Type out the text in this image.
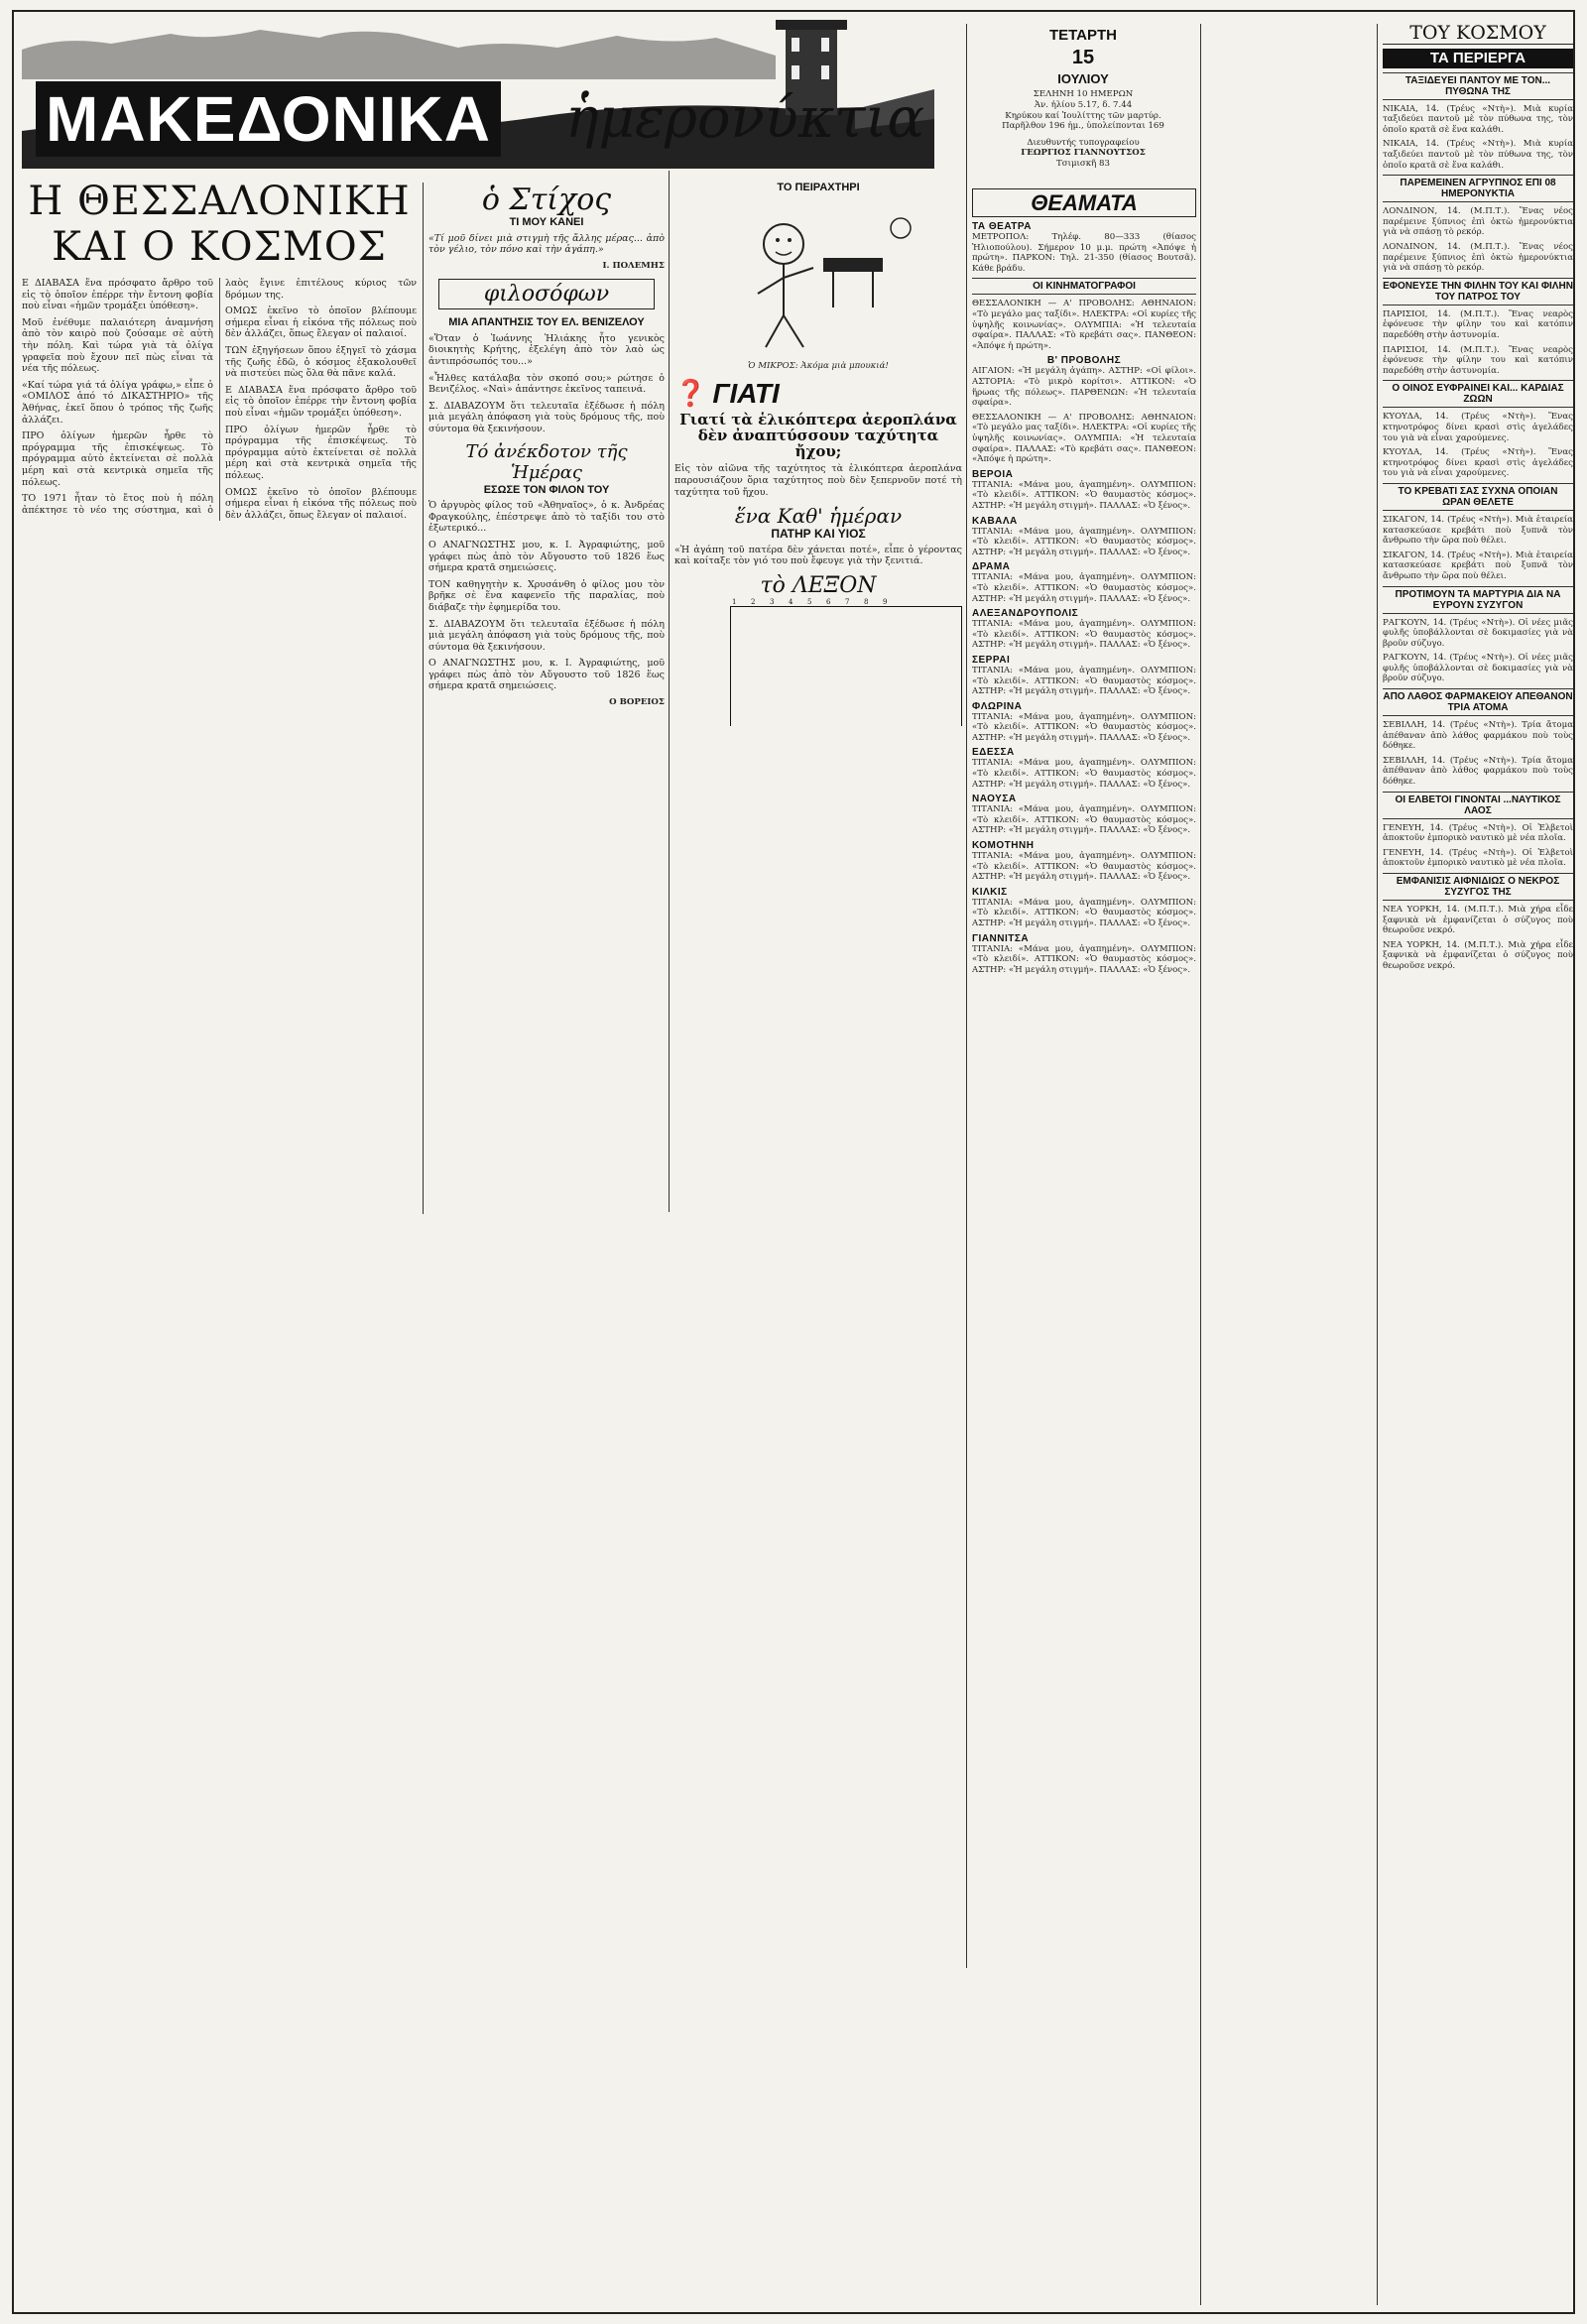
ΜΑΚΕΔΟΝΙΚΑ ἡμερονύκτια
ΤΕΤΑΡΤΗ
15
ΙΟΥΛΙΟΥ
ΣΕΛΗΝΗ 10 ΗΜΕΡΩΝ
Ἀν. ἡλίου 5.17, δ. 7.44
Κηρύκου καί Ἰουλίττης τῶν μαρτύρ.
Παρῆλθον 196 ἡμ., ὑπολείπονται 169
Διευθυντής τυπογραφείου
ΓΕΩΡΓΙΟΣ ΓΙΑΝΝΟΥΤΣΟΣ
Τσιμισκῆ 83
Η ΘΕΣΣΑΛΟΝΙΚΗ
ΚΑΙ Ο ΚΟΣΜΟΣ

Ε ΔΙΑΒΑΣΑ ἕνα πρόσφατο ἄρθρο τοῦ εἰς τὸ ὁποῖον ἐπέρρε τὴν ἔντονη φοβία ποὺ εἶναι «ἡμῶν τρομάξει ὑπόθεση».

Μοῦ ἐνέθυμε παλαιότερη ἀναμνήση ἀπὸ τὸν καιρὸ ποὺ ζούσαμε σὲ αὐτὴ τὴν πόλη. Καὶ τώρα γιὰ τὰ ὀλίγα γραφεῖα ποὺ ἔχουν πεῖ πὼς εἶναι τὰ νέα τῆς πόλεως.

«Καί τώρα γιά τά ὀλίγα γράφω,» εἶπε ὁ «ΟΜΙΛΟΣ ἀπό τό ΔΙΚΑΣΤΗΡΙΟ» τῆς Ἀθήνας, ἐκεῖ ὅπου ὁ τρόπος τῆς ζωῆς ἀλλάζει.

ΠΡΟ ὀλίγων ἡμερῶν ἦρθε τὸ πρόγραμμα τῆς ἐπισκέψεως. Τὸ πρόγραμμα αὐτὸ ἐκτείνεται σὲ πολλὰ μέρη καὶ στὰ κεντρικὰ σημεῖα τῆς πόλεως.

ΤΟ 1971 ἦταν τὸ ἔτος ποὺ ἡ πόλη ἀπέκτησε τὸ νέο της σύστημα, καὶ ὁ λαὸς ἔγινε ἐπιτέλους κύριος τῶν δρόμων της.

ΟΜΩΣ ἐκεῖνο τὸ ὁποῖον βλέπουμε σήμερα εἶναι ἡ εἰκόνα τῆς πόλεως ποὺ δὲν ἀλλάζει, ὅπως ἔλεγαν οἱ παλαιοί.

ΤΩΝ ἐξηγήσεων ὅπου ἐξηγεῖ τὸ χάσμα τῆς ζωῆς ἐδῶ, ὁ κόσμος ἐξακολουθεῖ νὰ πιστεύει πὼς ὅλα θὰ πᾶνε καλά.

Ε ΔΙΑΒΑΣΑ ἕνα πρόσφατο ἄρθρο τοῦ εἰς τὸ ὁποῖον ἐπέρρε τὴν ἔντονη φοβία ποὺ εἶναι «ἡμῶν τρομάξει ὑπόθεση».

ΠΡΟ ὀλίγων ἡμερῶν ἦρθε τὸ πρόγραμμα τῆς ἐπισκέψεως. Τὸ πρόγραμμα αὐτὸ ἐκτείνεται σὲ πολλὰ μέρη καὶ στὰ κεντρικὰ σημεῖα τῆς πόλεως.

ΟΜΩΣ ἐκεῖνο τὸ ὁποῖον βλέπουμε σήμερα εἶναι ἡ εἰκόνα τῆς πόλεως ποὺ δὲν ἀλλάζει, ὅπως ἔλεγαν οἱ παλαιοί.

ὁ Στίχος
ΤΙ ΜΟΥ ΚΑΝΕΙ

«Τί μοῦ δίνει μιὰ στιγμὴ τῆς ἄλλης μέρας... ἀπὸ τὸν γέλιο, τὸν πόνο καὶ τὴν ἀγάπη.»

Ι. ΠΟΛΕΜΗΣ
φιλοσόφων
ΜΙΑ ΑΠΑΝΤΗΣΙΣ ΤΟΥ ΕΛ. ΒΕΝΙΖΕΛΟΥ

«Ὅταν ὁ Ἰωάννης Ἠλιάκης ἦτο γενικὸς διοικητὴς Κρήτης, ἐξελέγη ἀπὸ τὸν λαὸ ὡς ἀντιπρόσωπός του...»

«Ἦλθες κατάλαβα τὸν σκοπό σου;» ρώτησε ὁ Βενιζέλος. «Ναὶ» ἀπάντησε ἐκεῖνος ταπεινά.

Σ. ΔΙΑΒΑΖΟΥΜ ὅτι τελευταῖα ἐξέδωσε ἡ πόλη μιὰ μεγάλη ἀπόφαση γιὰ τοὺς δρόμους τῆς, ποὺ σύντομα θὰ ξεκινήσουν.

Τό ἀνέκδοτον τῆς Ἡμέρας
ΕΣΩΣΕ ΤΟΝ ΦΙΛΟΝ ΤΟΥ

Ὁ ἀργυρὸς φίλος τοῦ «Ἀθηναῖος», ὁ κ. Ἀνδρέας Φραγκούλης, ἐπέστρεψε ἀπὸ τὸ ταξίδι του στὸ ἐξωτερικό...

Ο ΑΝΑΓΝΩΣΤΗΣ μου, κ. Ι. Ἀγραφιώτης, μοῦ γράφει πὼς ἀπὸ τὸν Αὔγουστο τοῦ 1826 ἕως σήμερα κρατᾶ σημειώσεις.

ΤΟΝ καθηγητὴν κ. Χρυσάνθη ὁ φίλος μου τὸν βρῆκε σὲ ἕνα καφενεῖο τῆς παραλίας, ποὺ διάβαζε τὴν ἐφημερίδα του.

Σ. ΔΙΑΒΑΖΟΥΜ ὅτι τελευταῖα ἐξέδωσε ἡ πόλη μιὰ μεγάλη ἀπόφαση γιὰ τοὺς δρόμους τῆς, ποὺ σύντομα θὰ ξεκινήσουν.

Ο ΑΝΑΓΝΩΣΤΗΣ μου, κ. Ι. Ἀγραφιώτης, μοῦ γράφει πὼς ἀπὸ τὸν Αὔγουστο τοῦ 1826 ἕως σήμερα κρατᾶ σημειώσεις.

Ο ΒΟΡΕΙΟΣ
ΤΟ ΠΕΙΡΑΧΤΗΡΙ
Ὁ ΜΙΚΡΟΣ: Ἀκόμα μιὰ μπουκιά!
❓ ΓΙΑΤΙ
Γιατί τὰ ἑλικόπτερα ἀεροπλάνα δὲν ἀναπτύσσουν ταχύτητα ἤχου;

Εἰς τὸν αἰῶνα τῆς ταχύτητος τὰ ἑλικόπτερα ἀεροπλάνα παρουσιάζουν ὅρια ταχύτητος ποὺ δὲν ξεπερνοῦν ποτέ τὴ ταχύτητα τοῦ ἤχου.

ἕνα Καθ' ἡμέραν
ΠΑΤΗΡ ΚΑΙ ΥΙΟΣ

«Ἡ ἀγάπη τοῦ πατέρα δὲν χάνεται ποτέ», εἶπε ὁ γέροντας καὶ κοίταξε τὸν γιό του ποὺ ἔφευγε γιὰ τὴν ξενιτιά.

τὸ ΛΕΞΟΝ
1	2	3	4	5	6	7	8	9

ΘΕΑΜΑΤΑ
ΤΑ ΘΕΑΤΡΑ

ΜΕΤΡΟΠΟΛ: Τηλέφ. 80—333 (θίασος Ἠλιοπούλου). Σήμερον 10 μ.μ. πρώτη «Ἀπόψε ἡ πρώτη». ΠΑΡΚΟΝ: Τηλ. 21-350 (θίασος Βουτσᾶ). Κάθε βράδυ.

ΟΙ ΚΙΝΗΜΑΤΟΓΡΑΦΟΙ

ΘΕΣΣΑΛΟΝΙΚΗ — Α' ΠΡΟΒΟΛΗΣ: ΑΘΗΝΑΙΟΝ: «Τὸ μεγάλο μας ταξίδι». ΗΛΕΚΤΡΑ: «Οἱ κυρίες τῆς ὑψηλῆς κοινωνίας». ΟΛΥΜΠΙΑ: «Ἡ τελευταία σφαίρα». ΠΑΛΛΑΣ: «Τὸ κρεβάτι σας». ΠΑΝΘΕΟΝ: «Ἀπόψε ἡ πρώτη».

Β' ΠΡΟΒΟΛΗΣ

ΑΙΓΑΙΟΝ: «Ἡ μεγάλη ἀγάπη». ΑΣΤΗΡ: «Οἱ φίλοι». ΑΣΤΟΡΙΑ: «Τὸ μικρὸ κορίτσι». ΑΤΤΙΚΟΝ: «Ὁ ἥρωας τῆς πόλεως». ΠΑΡΘΕΝΩΝ: «Ἡ τελευταία σφαίρα».

ΘΕΣΣΑΛΟΝΙΚΗ — Α' ΠΡΟΒΟΛΗΣ: ΑΘΗΝΑΙΟΝ: «Τὸ μεγάλο μας ταξίδι». ΗΛΕΚΤΡΑ: «Οἱ κυρίες τῆς ὑψηλῆς κοινωνίας». ΟΛΥΜΠΙΑ: «Ἡ τελευταία σφαίρα». ΠΑΛΛΑΣ: «Τὸ κρεβάτι σας». ΠΑΝΘΕΟΝ: «Ἀπόψε ἡ πρώτη».

ΒΕΡΟΙΑ

ΤΙΤΑΝΙΑ: «Μάνα μου, ἀγαπημένη». ΟΛΥΜΠΙΟΝ: «Τὸ κλειδί». ΑΤΤΙΚΟΝ: «Ὁ θαυμαστὸς κόσμος». ΑΣΤΗΡ: «Ἡ μεγάλη στιγμή». ΠΑΛΛΑΣ: «Ὁ ξένος».

ΚΑΒΑΛΑ

ΤΙΤΑΝΙΑ: «Μάνα μου, ἀγαπημένη». ΟΛΥΜΠΙΟΝ: «Τὸ κλειδί». ΑΤΤΙΚΟΝ: «Ὁ θαυμαστὸς κόσμος». ΑΣΤΗΡ: «Ἡ μεγάλη στιγμή». ΠΑΛΛΑΣ: «Ὁ ξένος».

ΔΡΑΜΑ

ΤΙΤΑΝΙΑ: «Μάνα μου, ἀγαπημένη». ΟΛΥΜΠΙΟΝ: «Τὸ κλειδί». ΑΤΤΙΚΟΝ: «Ὁ θαυμαστὸς κόσμος». ΑΣΤΗΡ: «Ἡ μεγάλη στιγμή». ΠΑΛΛΑΣ: «Ὁ ξένος».

ΑΛΕΞΑΝΔΡΟΥΠΟΛΙΣ

ΤΙΤΑΝΙΑ: «Μάνα μου, ἀγαπημένη». ΟΛΥΜΠΙΟΝ: «Τὸ κλειδί». ΑΤΤΙΚΟΝ: «Ὁ θαυμαστὸς κόσμος». ΑΣΤΗΡ: «Ἡ μεγάλη στιγμή». ΠΑΛΛΑΣ: «Ὁ ξένος».

ΣΕΡΡΑΙ

ΤΙΤΑΝΙΑ: «Μάνα μου, ἀγαπημένη». ΟΛΥΜΠΙΟΝ: «Τὸ κλειδί». ΑΤΤΙΚΟΝ: «Ὁ θαυμαστὸς κόσμος». ΑΣΤΗΡ: «Ἡ μεγάλη στιγμή». ΠΑΛΛΑΣ: «Ὁ ξένος».

ΦΛΩΡΙΝΑ

ΤΙΤΑΝΙΑ: «Μάνα μου, ἀγαπημένη». ΟΛΥΜΠΙΟΝ: «Τὸ κλειδί». ΑΤΤΙΚΟΝ: «Ὁ θαυμαστὸς κόσμος». ΑΣΤΗΡ: «Ἡ μεγάλη στιγμή». ΠΑΛΛΑΣ: «Ὁ ξένος».

ΕΔΕΣΣΑ

ΤΙΤΑΝΙΑ: «Μάνα μου, ἀγαπημένη». ΟΛΥΜΠΙΟΝ: «Τὸ κλειδί». ΑΤΤΙΚΟΝ: «Ὁ θαυμαστὸς κόσμος». ΑΣΤΗΡ: «Ἡ μεγάλη στιγμή». ΠΑΛΛΑΣ: «Ὁ ξένος».

ΝΑΟΥΣΑ

ΤΙΤΑΝΙΑ: «Μάνα μου, ἀγαπημένη». ΟΛΥΜΠΙΟΝ: «Τὸ κλειδί». ΑΤΤΙΚΟΝ: «Ὁ θαυμαστὸς κόσμος». ΑΣΤΗΡ: «Ἡ μεγάλη στιγμή». ΠΑΛΛΑΣ: «Ὁ ξένος».

ΚΟΜΟΤΗΝΗ

ΤΙΤΑΝΙΑ: «Μάνα μου, ἀγαπημένη». ΟΛΥΜΠΙΟΝ: «Τὸ κλειδί». ΑΤΤΙΚΟΝ: «Ὁ θαυμαστὸς κόσμος». ΑΣΤΗΡ: «Ἡ μεγάλη στιγμή». ΠΑΛΛΑΣ: «Ὁ ξένος».

ΚΙΛΚΙΣ

ΤΙΤΑΝΙΑ: «Μάνα μου, ἀγαπημένη». ΟΛΥΜΠΙΟΝ: «Τὸ κλειδί». ΑΤΤΙΚΟΝ: «Ὁ θαυμαστὸς κόσμος». ΑΣΤΗΡ: «Ἡ μεγάλη στιγμή». ΠΑΛΛΑΣ: «Ὁ ξένος».

ΓΙΑΝΝΙΤΣΑ

ΤΙΤΑΝΙΑ: «Μάνα μου, ἀγαπημένη». ΟΛΥΜΠΙΟΝ: «Τὸ κλειδί». ΑΤΤΙΚΟΝ: «Ὁ θαυμαστὸς κόσμος». ΑΣΤΗΡ: «Ἡ μεγάλη στιγμή». ΠΑΛΛΑΣ: «Ὁ ξένος».

ΤΟΥ ΚΟΣΜΟΥ
ΤΑ ΠΕΡΙΕΡΓΑ
ΤΑΞΙΔΕΥΕΙ ΠΑΝΤΟΥ ΜΕ ΤΟΝ... ΠΥΘΩΝΑ ΤΗΣ

ΝΙΚΑΙΑ, 14. (Τρέυς «Ντὴ»). Μιὰ κυρία ταξιδεύει παντοῦ μὲ τὸν πύθωνα της, τὸν ὁποῖο κρατᾶ σὲ ἕνα καλάθι.

ΝΙΚΑΙΑ, 14. (Τρέυς «Ντὴ»). Μιὰ κυρία ταξιδεύει παντοῦ μὲ τὸν πύθωνα της, τὸν ὁποῖο κρατᾶ σὲ ἕνα καλάθι.

ΠΑΡΕΜΕΙΝΕΝ ΑΓΡΥΠΝΟΣ ΕΠΙ 08 ΗΜΕΡΟΝΥΚΤΙΑ

ΛΟΝΔΙΝΟΝ, 14. (Μ.Π.Τ.). Ἕνας νέος παρέμεινε ξύπνιος ἐπὶ ὀκτὼ ἡμερονύκτια γιὰ νὰ σπάσῃ τὸ ρεκόρ.

ΛΟΝΔΙΝΟΝ, 14. (Μ.Π.Τ.). Ἕνας νέος παρέμεινε ξύπνιος ἐπὶ ὀκτὼ ἡμερονύκτια γιὰ νὰ σπάσῃ τὸ ρεκόρ.

ΕΦΟΝΕΥΣΕ ΤΗΝ ΦΙΛΗΝ ΤΟΥ ΚΑΙ ΦΙΛΗΝ ΤΟΥ ΠΑΤΡΟΣ ΤΟΥ

ΠΑΡΙΣΙΟΙ, 14. (Μ.Π.Τ.). Ἕνας νεαρὸς ἐφόνευσε τὴν φίλην του καὶ κατόπιν παρεδόθη στὴν ἀστυνομία.

ΠΑΡΙΣΙΟΙ, 14. (Μ.Π.Τ.). Ἕνας νεαρὸς ἐφόνευσε τὴν φίλην του καὶ κατόπιν παρεδόθη στὴν ἀστυνομία.

Ο ΟΙΝΟΣ ΕΥΦΡΑΙΝΕΙ ΚΑΙ... ΚΑΡΔΙΑΣ ΖΩΩΝ

ΚΥΟΥΔΑ, 14. (Τρέυς «Ντὴ»). Ἕνας κτηνοτρόφος δίνει κρασὶ στὶς ἀγελάδες του γιὰ νὰ εἶναι χαρούμενες.

ΚΥΟΥΔΑ, 14. (Τρέυς «Ντὴ»). Ἕνας κτηνοτρόφος δίνει κρασὶ στὶς ἀγελάδες του γιὰ νὰ εἶναι χαρούμενες.

ΤΟ ΚΡΕΒΑΤΙ ΣΑΣ ΣΥΧΝΑ ΟΠΟΙΑΝ ΩΡΑΝ ΘΕΛΕΤΕ

ΣΙΚΑΓΟΝ, 14. (Τρέυς «Ντὴ»). Μιὰ ἑταιρεία κατασκεύασε κρεβάτι ποὺ ξυπνᾶ τὸν ἄνθρωπο τὴν ὥρα ποὺ θέλει.

ΣΙΚΑΓΟΝ, 14. (Τρέυς «Ντὴ»). Μιὰ ἑταιρεία κατασκεύασε κρεβάτι ποὺ ξυπνᾶ τὸν ἄνθρωπο τὴν ὥρα ποὺ θέλει.

ΠΡΟΤΙΜΟΥΝ ΤΑ ΜΑΡΤΥΡΙΑ ΔΙΑ ΝΑ ΕΥΡΟΥΝ ΣΥΖΥΓΟΝ

ΡΑΓΚΟΥΝ, 14. (Τρέυς «Ντὴ»). Οἱ νέες μιᾶς φυλῆς ὑποβάλλονται σὲ δοκιμασίες γιὰ νὰ βροῦν σύζυγο.

ΡΑΓΚΟΥΝ, 14. (Τρέυς «Ντὴ»). Οἱ νέες μιᾶς φυλῆς ὑποβάλλονται σὲ δοκιμασίες γιὰ νὰ βροῦν σύζυγο.

ΑΠΟ ΛΑΘΟΣ ΦΑΡΜΑΚΕΙΟΥ ΑΠΕΘΑΝΟΝ ΤΡΙΑ ΑΤΟΜΑ

ΣΕΒΙΛΛΗ, 14. (Τρέυς «Ντὴ»). Τρία ἄτομα ἀπέθαναν ἀπὸ λάθος φαρμάκου ποὺ τοὺς δόθηκε.

ΣΕΒΙΛΛΗ, 14. (Τρέυς «Ντὴ»). Τρία ἄτομα ἀπέθαναν ἀπὸ λάθος φαρμάκου ποὺ τοὺς δόθηκε.

ΟΙ ΕΛΒΕΤΟΙ ΓΙΝΟΝΤΑΙ ...ΝΑΥΤΙΚΟΣ ΛΑΟΣ

ΓΕΝΕΥΗ, 14. (Τρέυς «Ντὴ»). Οἱ Ἑλβετοὶ ἀποκτοῦν ἐμπορικὸ ναυτικὸ μὲ νέα πλοῖα.

ΓΕΝΕΥΗ, 14. (Τρέυς «Ντὴ»). Οἱ Ἑλβετοὶ ἀποκτοῦν ἐμπορικὸ ναυτικὸ μὲ νέα πλοῖα.

ΕΜΦΑΝΙΣΙΣ ΑΙΦΝΙΔΙΩΣ Ο ΝΕΚΡΟΣ ΣΥΖΥΓΟΣ ΤΗΣ

ΝΕΑ ΥΟΡΚΗ, 14. (Μ.Π.Τ.). Μιὰ χήρα εἶδε ξαφνικὰ νὰ ἐμφανίζεται ὁ σύζυγος ποὺ θεωροῦσε νεκρό.

ΝΕΑ ΥΟΡΚΗ, 14. (Μ.Π.Τ.). Μιὰ χήρα εἶδε ξαφνικὰ νὰ ἐμφανίζεται ὁ σύζυγος ποὺ θεωροῦσε νεκρό.
